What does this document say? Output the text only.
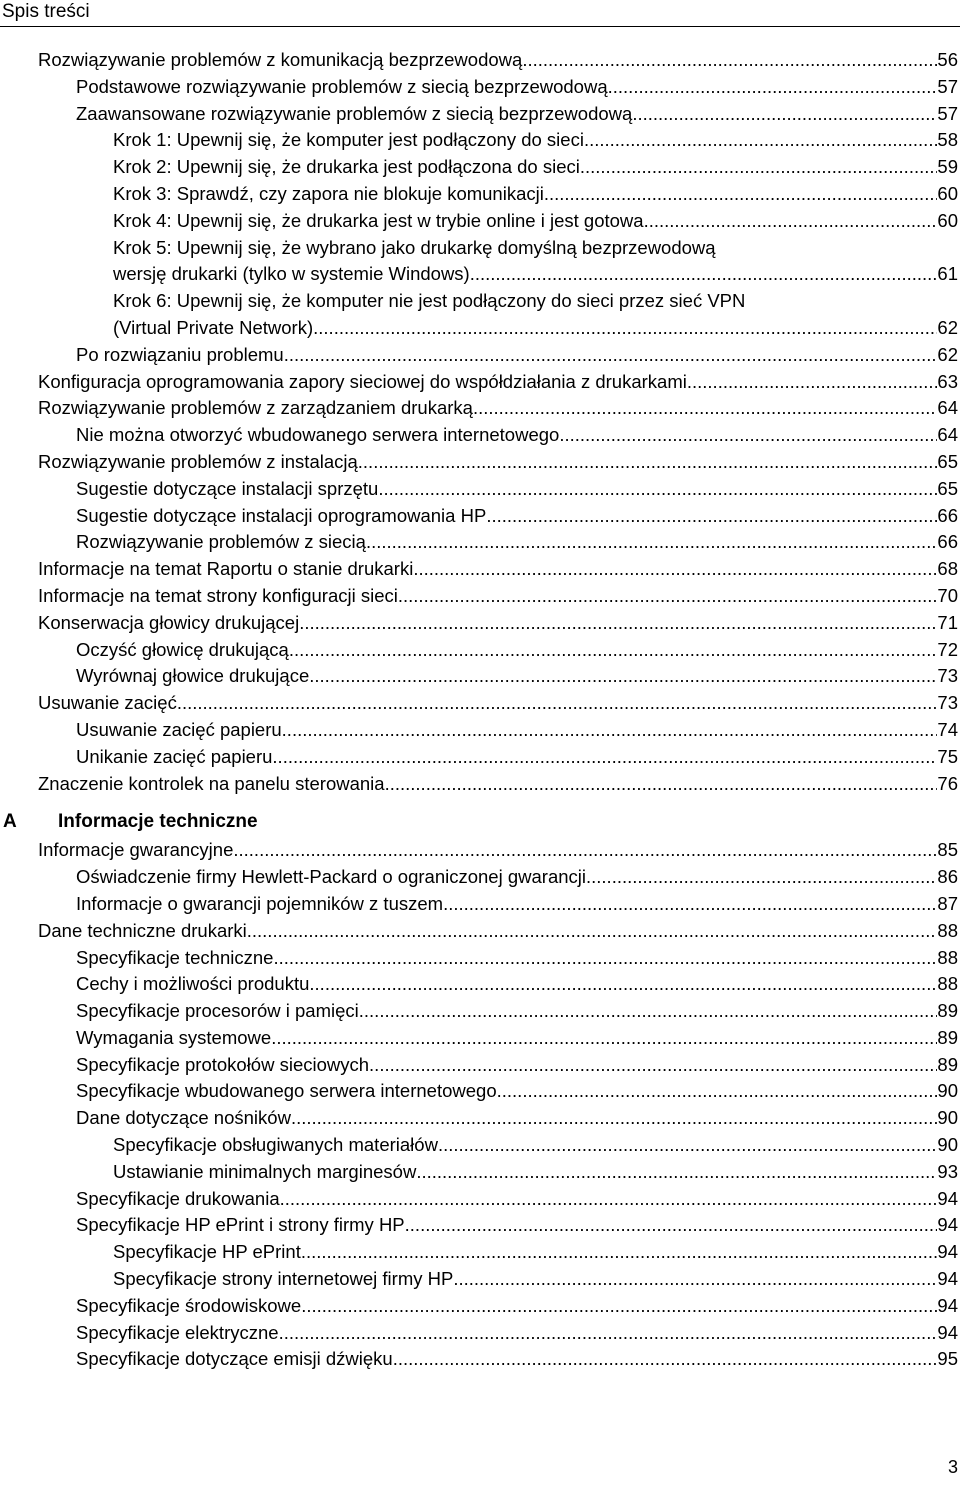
Spis treści
Rozwiązywanie problemów z komunikacją bezprzewodową .....	56
Podstawowe rozwiązywanie problemów z siecią bezprzewodową .....	57
Zaawansowane rozwiązywanie problemów z siecią bezprzewodową .....	57
Krok 1: Upewnij się, że komputer jest podłączony do sieci .....	58
Krok 2: Upewnij się, że drukarka jest podłączona do sieci .....	59
Krok 3: Sprawdź, czy zapora nie blokuje komunikacji .....	60
Krok 4: Upewnij się, że drukarka jest w trybie online i jest gotowa .....	60
Krok 5: Upewnij się, że wybrano jako drukarkę domyślną bezprzewodową
wersję drukarki (tylko w systemie Windows) .....	61
Krok 6: Upewnij się, że komputer nie jest podłączony do sieci przez sieć VPN
(Virtual Private Network) .....	62
Po rozwiązaniu problemu .....	62
Konfiguracja oprogramowania zapory sieciowej do współdziałania z drukarkami .....	63
Rozwiązywanie problemów z zarządzaniem drukarką .....	64
Nie można otworzyć wbudowanego serwera internetowego .....	64
Rozwiązywanie problemów z instalacją .....	65
Sugestie dotyczące instalacji sprzętu .....	65
Sugestie dotyczące instalacji oprogramowania HP .....	66
Rozwiązywanie problemów z siecią .....	66
Informacje na temat Raportu o stanie drukarki .....	68
Informacje na temat strony konfiguracji sieci .....	70
Konserwacja głowicy drukującej .....	71
Oczyść głowicę drukującą .....	72
Wyrównaj głowice drukujące .....	73
Usuwanie zacięć .....	73
Usuwanie zacięć papieru .....	74
Unikanie zacięć papieru .....	75
Znaczenie kontrolek na panelu sterowania .....	76
A Informacje techniczne
Informacje gwarancyjne .....	85
Oświadczenie firmy Hewlett-Packard o ograniczonej gwarancji .....	86
Informacje o gwarancji pojemników z tuszem .....	87
Dane techniczne drukarki .....	88
Specyfikacje techniczne .....	88
Cechy i możliwości produktu .....	88
Specyfikacje procesorów i pamięci .....	89
Wymagania systemowe .....	89
Specyfikacje protokołów sieciowych .....	89
Specyfikacje wbudowanego serwera internetowego .....	90
Dane dotyczące nośników .....	90
Specyfikacje obsługiwanych materiałów .....	90
Ustawianie minimalnych marginesów .....	93
Specyfikacje drukowania .....	94
Specyfikacje HP ePrint i strony firmy HP .....	94
Specyfikacje HP ePrint .....	94
Specyfikacje strony internetowej firmy HP .....	94
Specyfikacje środowiskowe .....	94
Specyfikacje elektryczne .....	94
Specyfikacje dotyczące emisji dźwięku .....	95
3
